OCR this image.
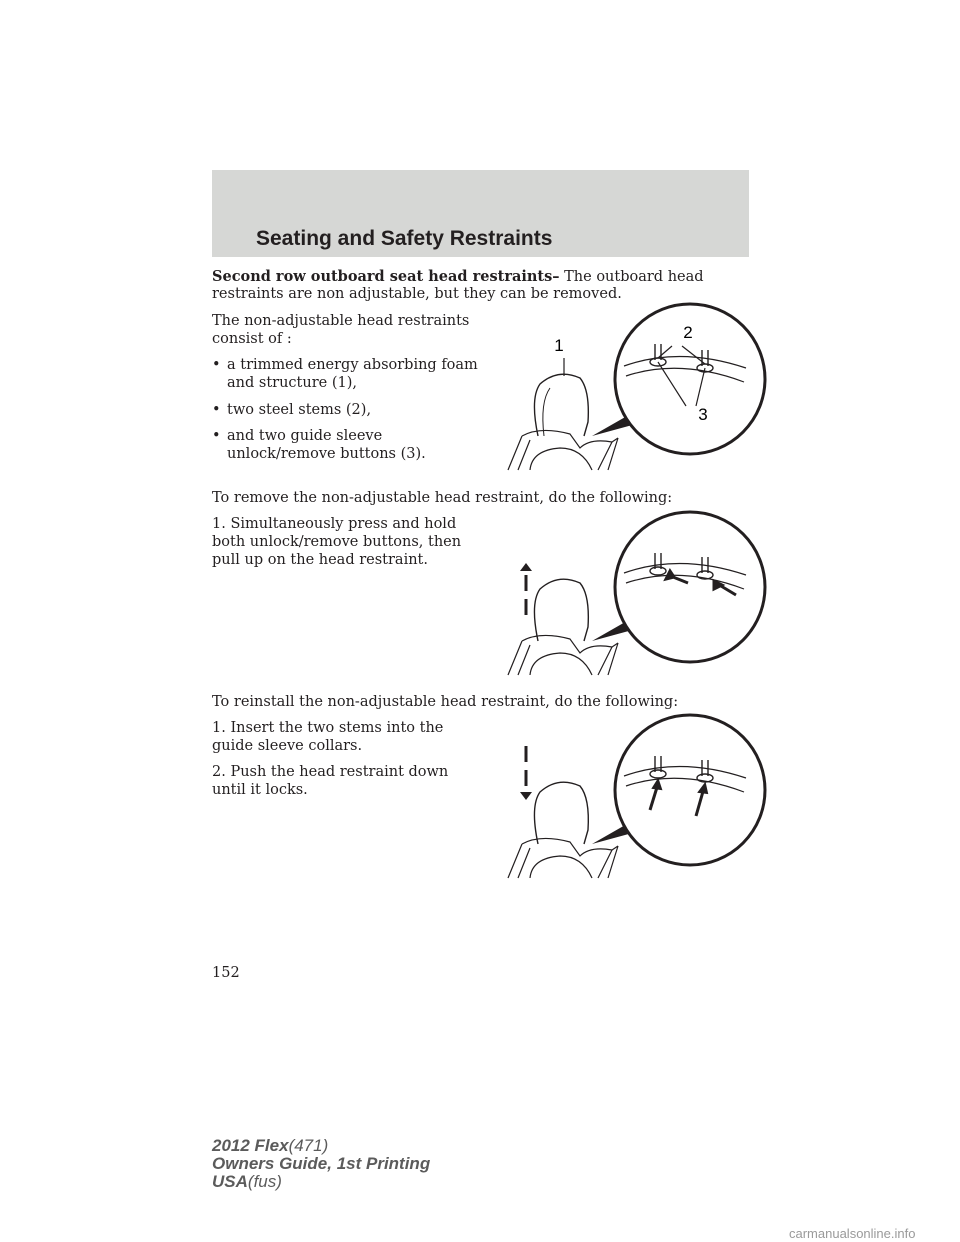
Seating and Safety Restraints
Second row outboard seat head restraints– The outboard head
restraints are non adjustable, but they can be removed.
The non-adjustable head restraints
consist of :
• a trimmed energy absorbing foam
and structure (1),
• two steel stems (2),
• and two guide sleeve
unlock/remove buttons (3).
1
2
3
To remove the non-adjustable head restraint, do the following:
1. Simultaneously press and hold
both unlock/remove buttons, then
pull up on the head restraint.
To reinstall the non-adjustable head restraint, do the following:
1. Insert the two stems into the
guide sleeve collars.
2. Push the head restraint down
until it locks.
152
2012 Flex(471)
Owners Guide, 1st Printing
USA(fus)
carmanualsonline.info
